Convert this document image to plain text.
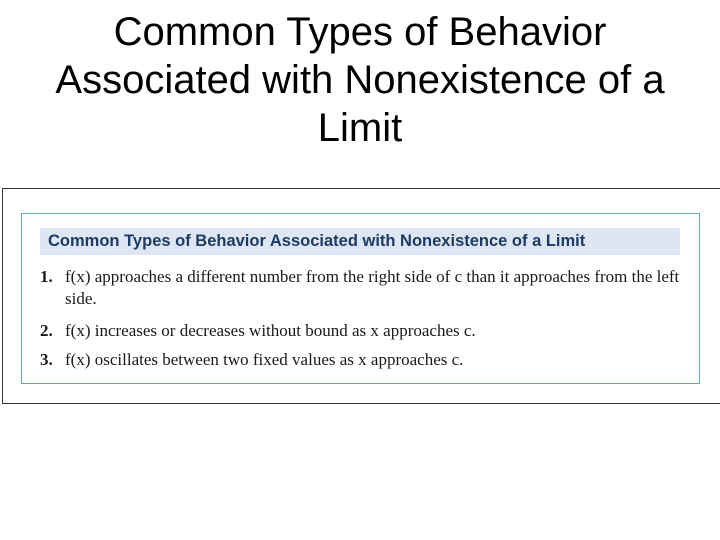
Common Types of Behavior
Associated with Nonexistence of a
Limit
Common Types of Behavior Associated with Nonexistence of a Limit
1. f(x) approaches a different number from the right side of c than it approaches from the left side.
2. f(x) increases or decreases without bound as x approaches c.
3. f(x) oscillates between two fixed values as x approaches c.
